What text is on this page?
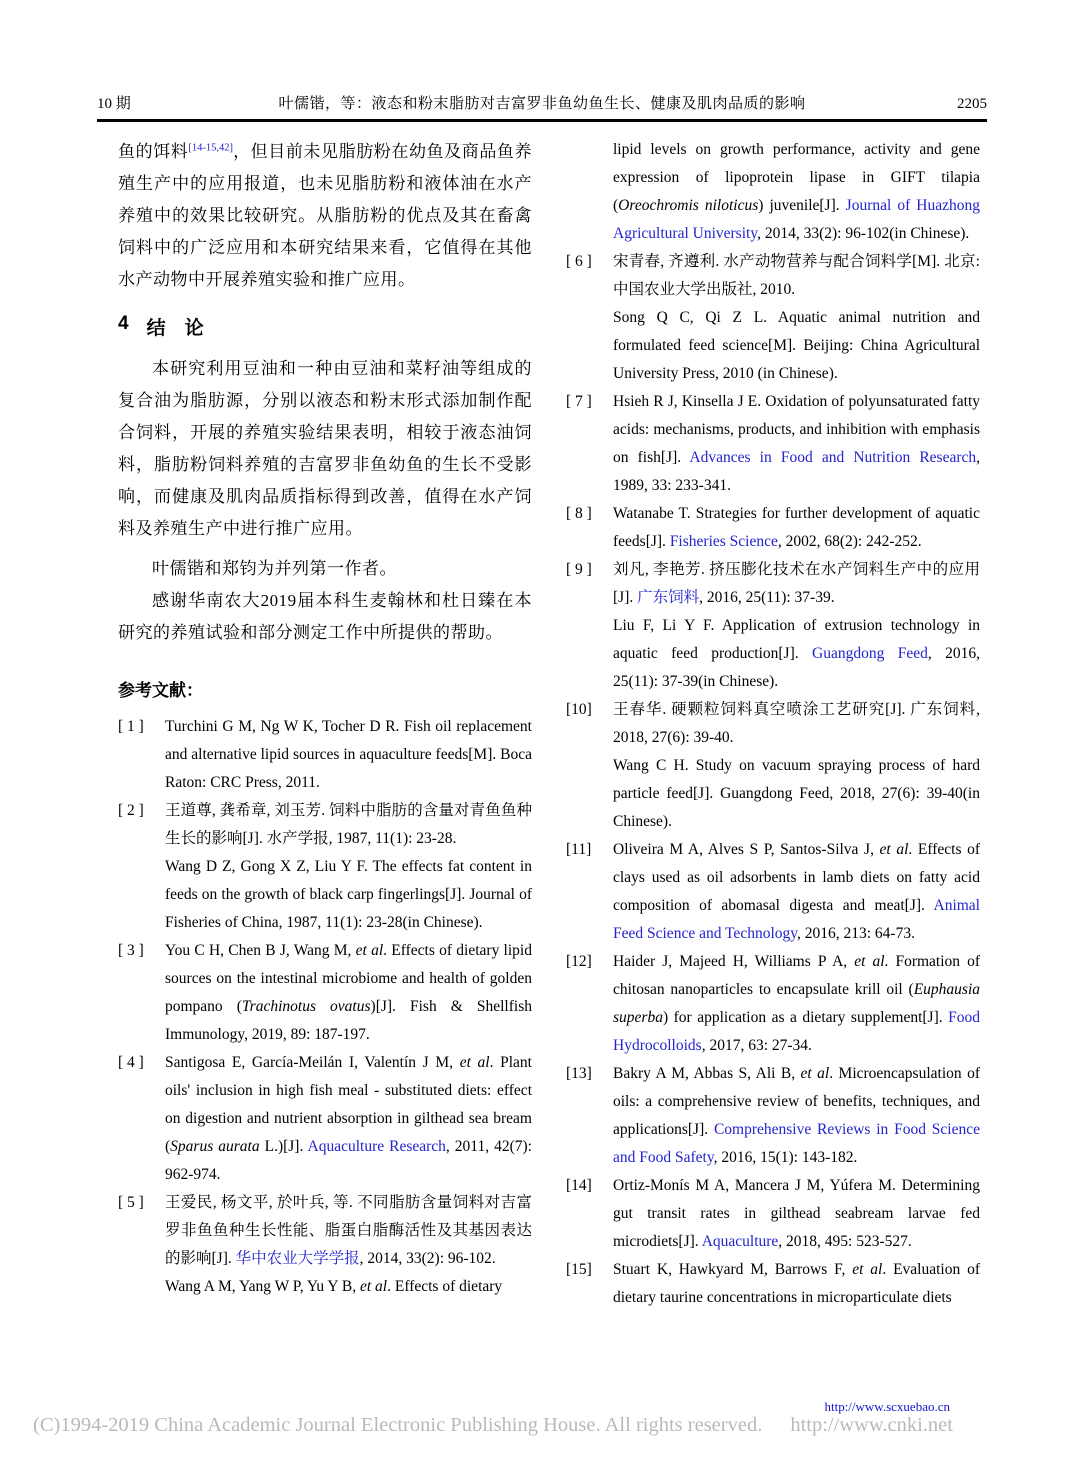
10 期	叶儒锴，等：液态和粉末脂肪对吉富罗非鱼幼鱼生长、健康及肌肉品质的影响	2205
鱼的饵料[14-15,42]，但目前未见脂肪粉在幼鱼及商品鱼养殖生产中的应用报道，也未见脂肪粉和液体油在水产养殖中的效果比较研究。从脂肪粉的优点及其在畜禽饲料中的广泛应用和本研究结果来看，它值得在其他水产动物中开展养殖实验和推广应用。
4 结　论
本研究利用豆油和一种由豆油和菜籽油等组成的复合油为脂肪源，分别以液态和粉末形式添加制作配合饲料，开展的养殖实验结果表明，相较于液态油饲料，脂肪粉饲料养殖的吉富罗非鱼幼鱼的生长不受影响，而健康及肌肉品质指标得到改善，值得在水产饲料及养殖生产中进行推广应用。
叶儒锴和郑钧为并列第一作者。
感谢华南农大2019届本科生麦翰林和杜日臻在本研究的养殖试验和部分测定工作中所提供的帮助。
参考文献：
[ 1 ]	Turchini G M, Ng W K, Tocher D R. Fish oil replacement and alternative lipid sources in aquaculture feeds[M]. Boca Raton: CRC Press, 2011.
[ 2 ]	王道尊, 龚希章, 刘玉芳. 饲料中脂肪的含量对青鱼鱼种生长的影响[J]. 水产学报, 1987, 11(1): 23-28.
Wang D Z, Gong X Z, Liu Y F. The effects fat content in feeds on the growth of black carp fingerlings[J]. Journal of Fisheries of China, 1987, 11(1): 23-28(in Chinese).
[ 3 ]	You C H, Chen B J, Wang M, et al. Effects of dietary lipid sources on the intestinal microbiome and health of golden pompano (Trachinotus ovatus)[J]. Fish & Shellfish Immunology, 2019, 89: 187-197.
[ 4 ]	Santigosa E, García-Meilán I, Valentín J M, et al. Plant oils' inclusion in high fish meal - substituted diets: effect on digestion and nutrient absorption in gilthead sea bream (Sparus aurata L.)[J]. Aquaculture Research, 2011, 42(7): 962-974.
[ 5 ]	王爱民, 杨文平, 於叶兵, 等. 不同脂肪含量饲料对吉富罗非鱼鱼种生长性能、脂蛋白脂酶活性及其基因表达的影响[J]. 华中农业大学学报, 2014, 33(2): 96-102.
Wang A M, Yang W P, Yu Y B, et al. Effects of dietary
lipid levels on growth performance, activity and gene expression of lipoprotein lipase in GIFT tilapia (Oreochromis niloticus) juvenile[J]. Journal of Huazhong Agricultural University, 2014, 33(2): 96-102(in Chinese).
[ 6 ]	宋青春, 齐遵利. 水产动物营养与配合饲料学[M]. 北京: 中国农业大学出版社, 2010.
Song Q C, Qi Z L. Aquatic animal nutrition and formulated feed science[M]. Beijing: China Agricultural University Press, 2010 (in Chinese).
[ 7 ]	Hsieh R J, Kinsella J E. Oxidation of polyunsaturated fatty acids: mechanisms, products, and inhibition with emphasis on fish[J]. Advances in Food and Nutrition Research, 1989, 33: 233-341.
[ 8 ]	Watanabe T. Strategies for further development of aquatic feeds[J]. Fisheries Science, 2002, 68(2): 242-252.
[ 9 ]	刘凡, 李艳芳. 挤压膨化技术在水产饲料生产中的应用[J]. 广东饲料, 2016, 25(11): 37-39.
Liu F, Li Y F. Application of extrusion technology in aquatic feed production[J]. Guangdong Feed, 2016, 25(11): 37-39(in Chinese).
[10]	王春华. 硬颗粒饲料真空喷涂工艺研究[J]. 广东饲料, 2018, 27(6): 39-40.
Wang C H. Study on vacuum spraying process of hard particle feed[J]. Guangdong Feed, 2018, 27(6): 39-40(in Chinese).
[11]	Oliveira M A, Alves S P, Santos-Silva J, et al. Effects of clays used as oil adsorbents in lamb diets on fatty acid composition of abomasal digesta and meat[J]. Animal Feed Science and Technology, 2016, 213: 64-73.
[12]	Haider J, Majeed H, Williams P A, et al. Formation of chitosan nanoparticles to encapsulate krill oil (Euphausia superba) for application as a dietary supplement[J]. Food Hydrocolloids, 2017, 63: 27-34.
[13]	Bakry A M, Abbas S, Ali B, et al. Microencapsulation of oils: a comprehensive review of benefits, techniques, and applications[J]. Comprehensive Reviews in Food Science and Food Safety, 2016, 15(1): 143-182.
[14]	Ortiz-Monís M A, Mancera J M, Yúfera M. Determining gut transit rates in gilthead seabream larvae fed microdiets[J]. Aquaculture, 2018, 495: 523-527.
[15]	Stuart K, Hawkyard M, Barrows F, et al. Evaluation of dietary taurine concentrations in microparticulate diets
http://www.scxuebao.cn
(C)1994-2019 China Academic Journal Electronic Publishing House. All rights reserved. http://www.cnki.net
